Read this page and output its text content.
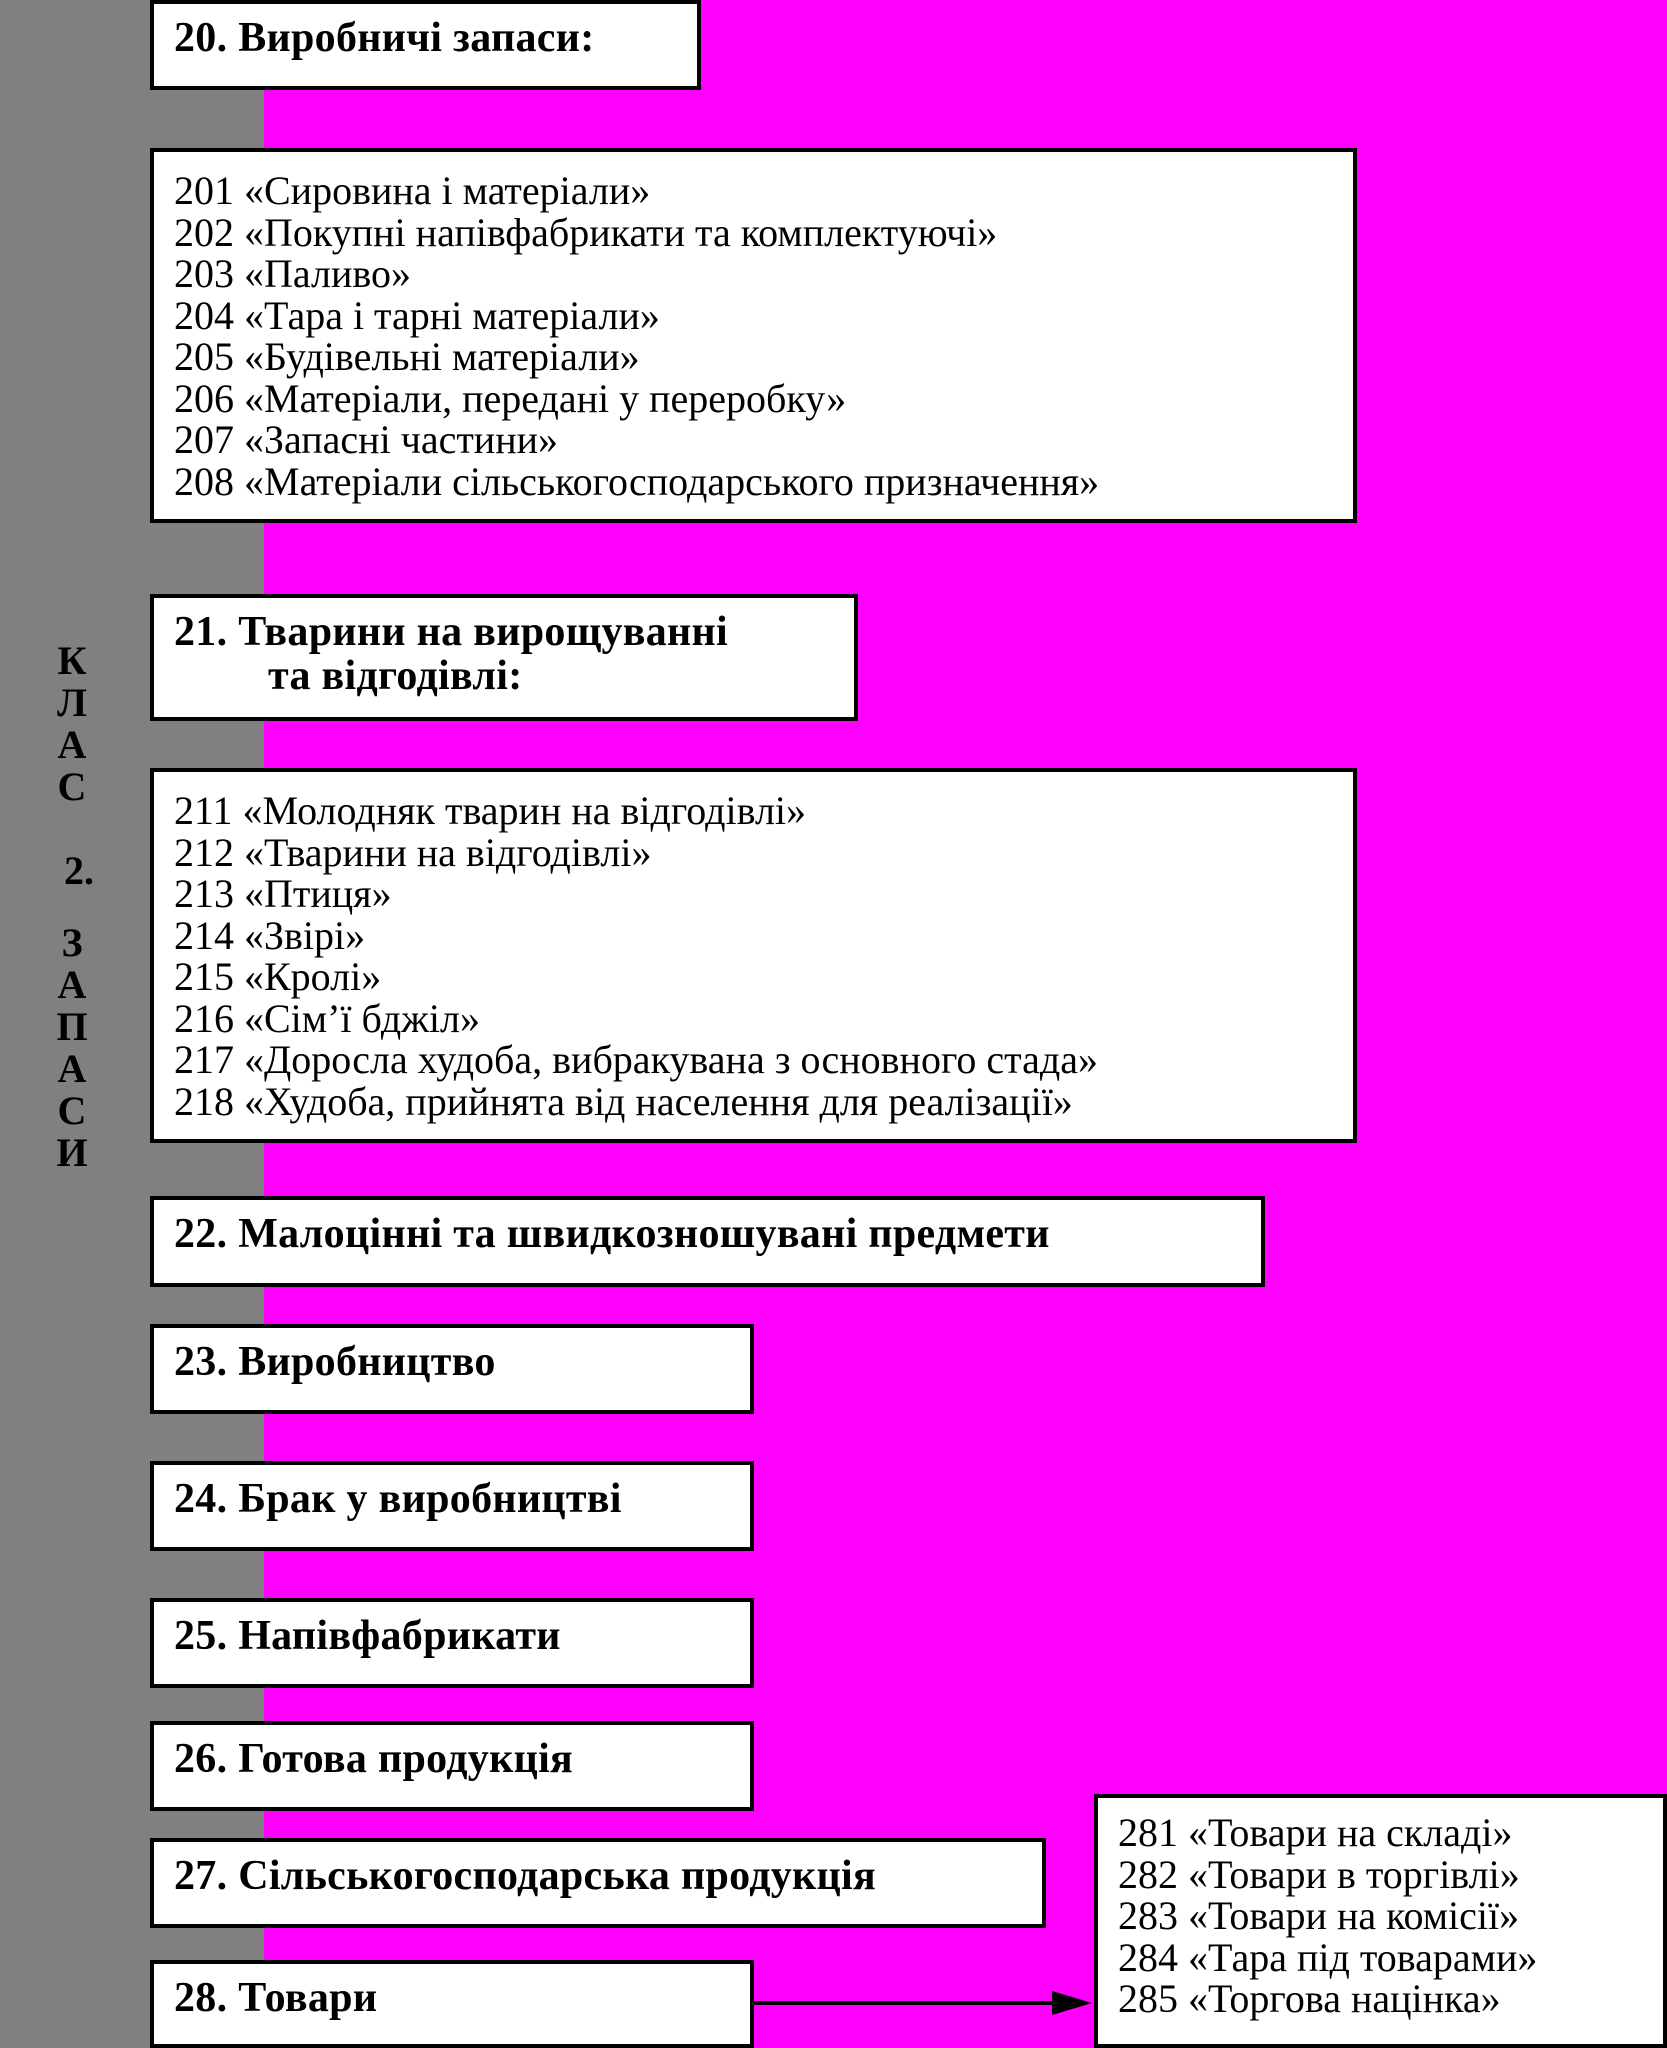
К
Л
А
С
2.
З
А
П
А
С
И
20. Виробничі запаси:
201 «Сировина і матеріали»
202 «Покупні напівфабрикати та комплектуючі»
203 «Паливо»
204 «Тара і тарні матеріали»
205 «Будівельні матеріали»
206 «Матеріали, передані у переробку»
207 «Запасні частини»
208 «Матеріали сільськогосподарського призначення»
21. Тварини на вирощуванні
та відгодівлі:
211 «Молодняк тварин на відгодівлі»
212 «Тварини на відгодівлі»
213 «Птиця»
214 «Звірі»
215 «Кролі»
216 «Сім’ї бджіл»
217 «Доросла худоба, вибракувана з основного стада»
218 «Худоба, прийнята від населення для реалізації»
22. Малоцінні та швидкозношувані предмети
23. Виробництво
24. Брак у виробництві
25. Напівфабрикати
26. Готова продукція
27. Сільськогосподарська продукція
28. Товари
281 «Товари на складі»
282 «Товари в торгівлі»
283 «Товари на комісії»
284 «Тара під товарами»
285 «Торгова націнка»
